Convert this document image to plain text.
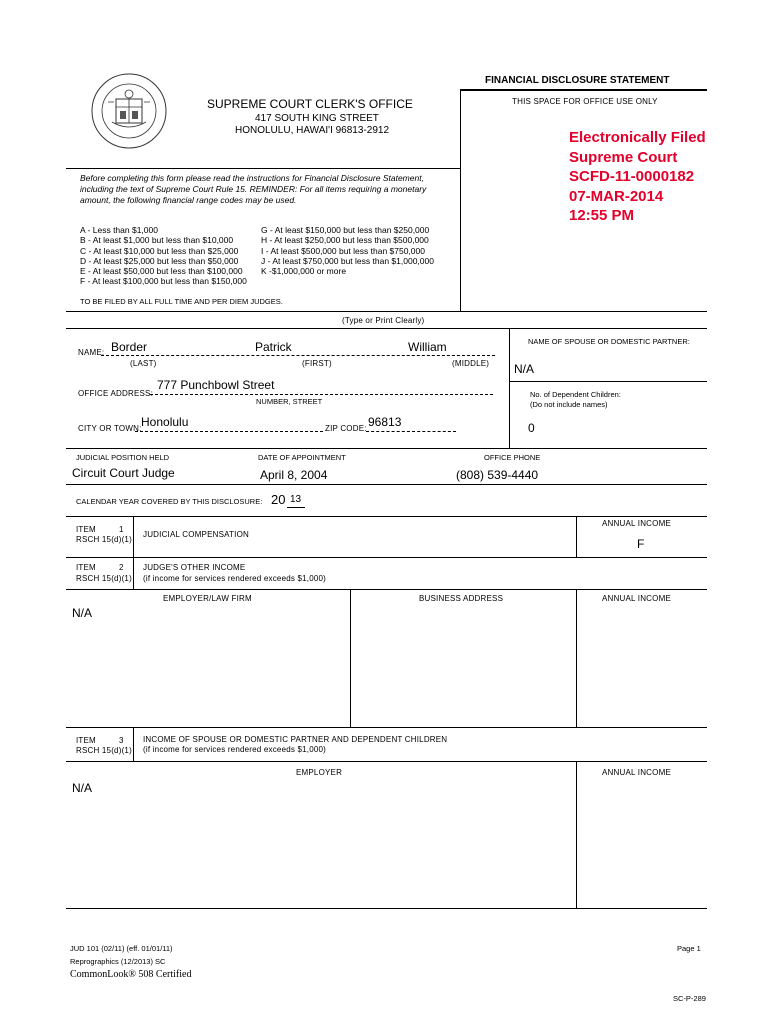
FINANCIAL DISCLOSURE STATEMENT
THIS SPACE FOR OFFICE USE ONLY
SUPREME COURT CLERK'S OFFICE
417 SOUTH KING STREET
HONOLULU, HAWAI'I 96813-2912	Electronically Filed
Supreme Court
SCFD-11-0000182
07-MAR-2014
12:55 PM
Before completing this form please read the instructions for Financial Disclosure Statement,
including the text of Supreme Court Rule 15. REMINDER: For all items requiring a monetary
amount, the following financial range codes may be used.
A - Less than $1,000
B - At least $1,000 but less than $10,000
C - At least $10,000 but less than $25,000
D - At least $25,000 but less than $50,000
E - At least $50,000 but less than $100,000
F - At least $100,000 but less than $150,000
G - At least $150,000 but less than $250,000
H - At least $250,000 but less than $500,000
I - At least $500,000 but less than $750,000
J - At least $750,000 but less than $1,000,000
K -$1,000,000 or more
TO BE FILED BY ALL FULL TIME AND PER DIEM JUDGES.
(Type or Print Clearly)
NAME: Border	Patrick	William
(LAST)	(FIRST)	(MIDDLE)
NAME OF SPOUSE OR DOMESTIC PARTNER:
N/A
No. of Dependent Children:
(Do not include names)
0
OFFICE ADDRESS:
777 Punchbowl Street
NUMBER, STREET
CITY OR TOWN: Honolulu	ZIP CODE: 96813
JUDICIAL POSITION HELD	DATE OF APPOINTMENT	OFFICE PHONE
Circuit Court Judge	April 8, 2004	(808) 539-4440
CALENDAR YEAR COVERED BY THIS DISCLOSURE: 20 13
ITEM	1
RSCH 15(d)(1)
JUDICIAL COMPENSATION
ANNUAL INCOME
F
ITEM	2
RSCH 15(d)(1)
JUDGE'S OTHER INCOME
(if income for services rendered exceeds $1,000)
EMPLOYER/LAW FIRM	BUSINESS ADDRESS	ANNUAL INCOME
N/A
ITEM	3
RSCH 15(d)(1)
INCOME OF SPOUSE OR DOMESTIC PARTNER AND DEPENDENT CHILDREN
(if income for services rendered exceeds $1,000)
EMPLOYER	ANNUAL INCOME
N/A
JUD 101 (02/11) (eff. 01/01/11)
Reprographics (12/2013) SC
CommonLook® 508 Certified
Page 1
SC-P-289
